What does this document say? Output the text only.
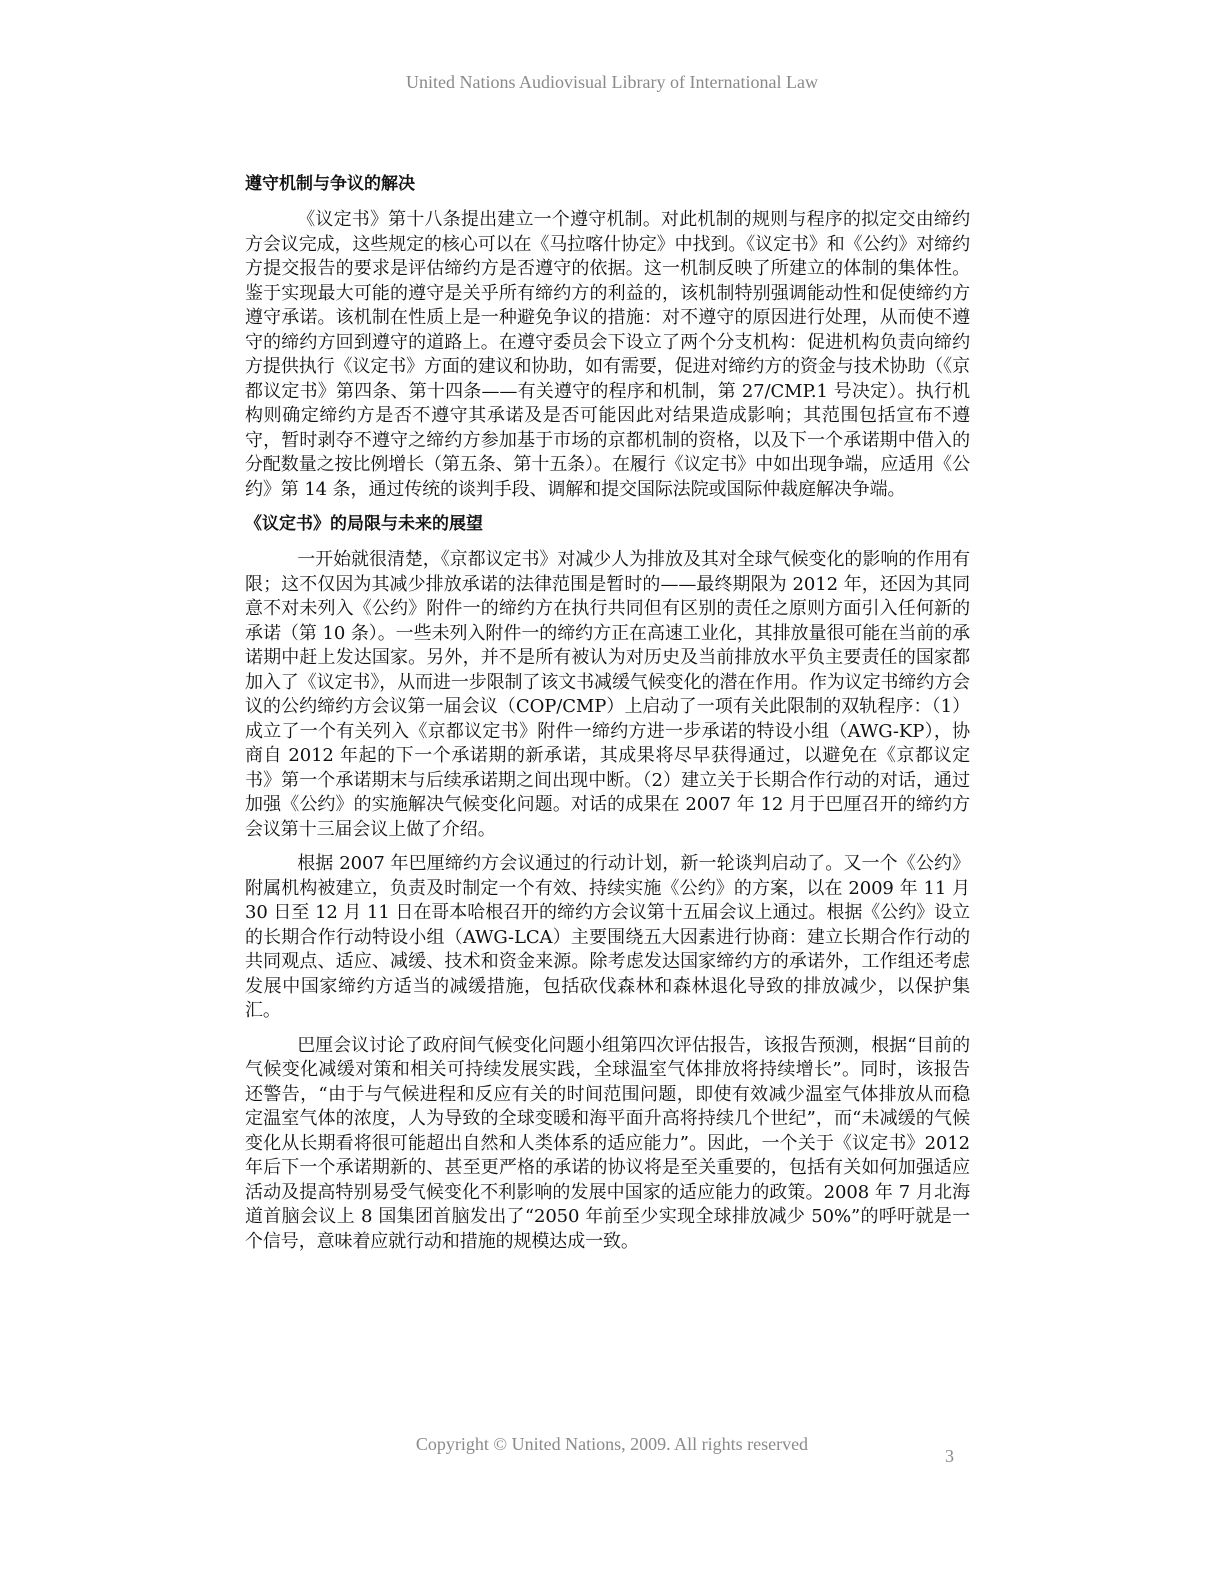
United Nations Audiovisual Library of International Law
遵守机制与争议的解决

《议定书》第十八条提出建立一个遵守机制。对此机制的规则与程序的拟定交由缔约方会议完成，这些规定的核心可以在《马拉喀什协定》中找到。《议定书》和《公约》对缔约方提交报告的要求是评估缔约方是否遵守的依据。这一机制反映了所建立的体制的集体性。鉴于实现最大可能的遵守是关乎所有缔约方的利益的，该机制特别强调能动性和促使缔约方遵守承诺。该机制在性质上是一种避免争议的措施：对不遵守的原因进行处理，从而使不遵守的缔约方回到遵守的道路上。在遵守委员会下设立了两个分支机构：促进机构负责向缔约方提供执行《议定书》方面的建议和协助，如有需要，促进对缔约方的资金与技术协助（《京都议定书》第四条、第十四条——有关遵守的程序和机制，第 27/CMP.1 号决定）。执行机构则确定缔约方是否不遵守其承诺及是否可能因此对结果造成影响；其范围包括宣布不遵守，暂时剥夺不遵守之缔约方参加基于市场的京都机制的资格，以及下一个承诺期中借入的分配数量之按比例增长（第五条、第十五条）。在履行《议定书》中如出现争端，应适用《公约》第 14 条，通过传统的谈判手段、调解和提交国际法院或国际仲裁庭解决争端。

《议定书》的局限与未来的展望

一开始就很清楚，《京都议定书》对减少人为排放及其对全球气候变化的影响的作用有限；这不仅因为其减少排放承诺的法律范围是暂时的——最终期限为 2012 年，还因为其同意不对未列入《公约》附件一的缔约方在执行共同但有区别的责任之原则方面引入任何新的承诺（第 10 条）。一些未列入附件一的缔约方正在高速工业化，其排放量很可能在当前的承诺期中赶上发达国家。另外，并不是所有被认为对历史及当前排放水平负主要责任的国家都加入了《议定书》，从而进一步限制了该文书减缓气候变化的潜在作用。作为议定书缔约方会议的公约缔约方会议第一届会议（COP/CMP）上启动了一项有关此限制的双轨程序：（1）成立了一个有关列入《京都议定书》附件一缔约方进一步承诺的特设小组（AWG-KP），协商自 2012 年起的下一个承诺期的新承诺，其成果将尽早获得通过，以避免在《京都议定书》第一个承诺期末与后续承诺期之间出现中断。（2）建立关于长期合作行动的对话，通过加强《公约》的实施解决气候变化问题。对话的成果在 2007 年 12 月于巴厘召开的缔约方会议第十三届会议上做了介绍。

根据 2007 年巴厘缔约方会议通过的行动计划，新一轮谈判启动了。又一个《公约》附属机构被建立，负责及时制定一个有效、持续实施《公约》的方案，以在 2009 年 11 月 30 日至 12 月 11 日在哥本哈根召开的缔约方会议第十五届会议上通过。根据《公约》设立的长期合作行动特设小组（AWG-LCA）主要围绕五大因素进行协商：建立长期合作行动的共同观点、适应、减缓、技术和资金来源。除考虑发达国家缔约方的承诺外，工作组还考虑发展中国家缔约方适当的减缓措施，包括砍伐森林和森林退化导致的排放减少，以保护集汇。

巴厘会议讨论了政府间气候变化问题小组第四次评估报告，该报告预测，根据“目前的气候变化减缓对策和相关可持续发展实践，全球温室气体排放将持续增长”。同时，该报告还警告，“由于与气候进程和反应有关的时间范围问题，即使有效减少温室气体排放从而稳定温室气体的浓度，人为导致的全球变暖和海平面升高将持续几个世纪”，而“未减缓的气候变化从长期看将很可能超出自然和人类体系的适应能力”。因此，一个关于《议定书》2012 年后下一个承诺期新的、甚至更严格的承诺的协议将是至关重要的，包括有关如何加强适应活动及提高特别易受气候变化不利影响的发展中国家的适应能力的政策。2008 年 7 月北海道首脑会议上 8 国集团首脑发出了“2050 年前至少实现全球排放减少 50%”的呼吁就是一个信号，意味着应就行动和措施的规模达成一致。

Copyright © United Nations, 2009. All rights reserved
3
